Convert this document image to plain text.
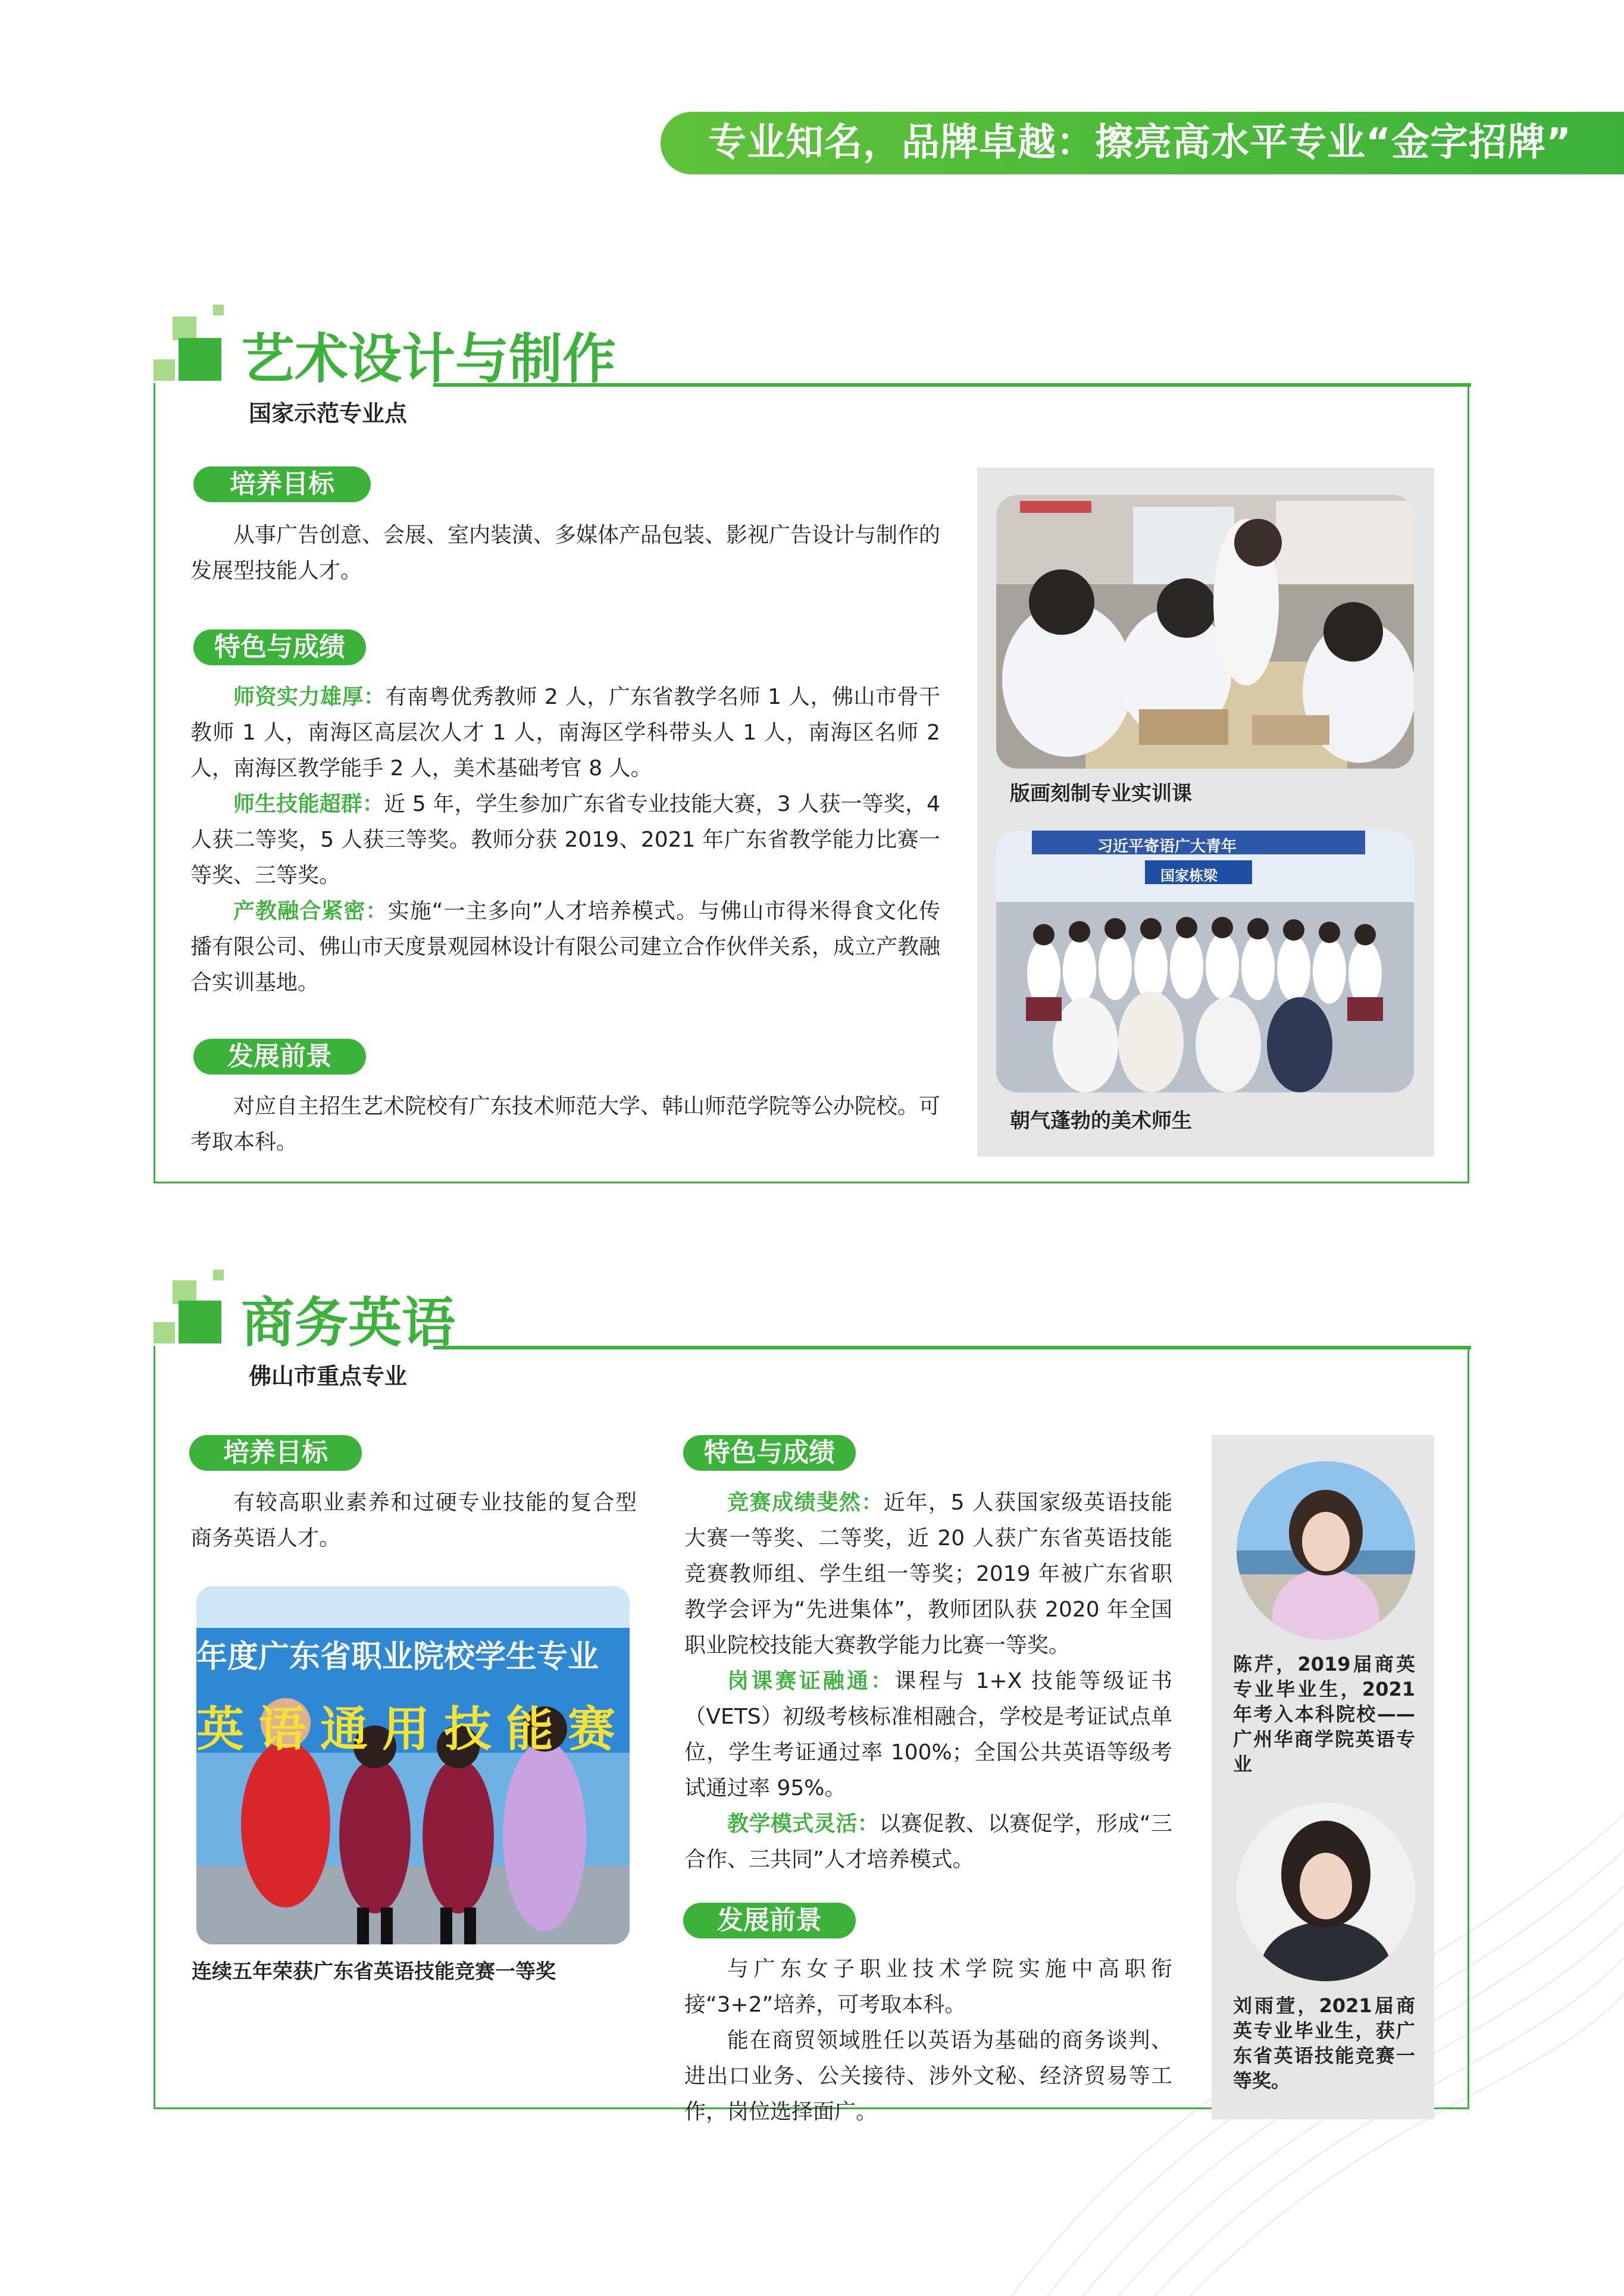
专业知名，品牌卓越：擦亮高水平专业“金字招牌”
艺术设计与制作
国家示范专业点
培养目标

从事广告创意、会展、室内装潢、多媒体产品包装、影视广告设计与制作的发展型技能人才。

特色与成绩

师资实力雄厚：有南粤优秀教师 2 人，广东省教学名师 1 人，佛山市骨干教师 1 人，南海区高层次人才 1 人，南海区学科带头人 1 人，南海区名师 2 人，南海区教学能手 2 人，美术基础考官 8 人。

师生技能超群：近 5 年，学生参加广东省专业技能大赛，3 人获一等奖，4 人获二等奖，5 人获三等奖。教师分获 2019、2021 年广东省教学能力比赛一等奖、三等奖。

产教融合紧密：实施“一主多向”人才培养模式。与佛山市得米得食文化传播有限公司、佛山市天度景观园林设计有限公司建立合作伙伴关系，成立产教融合实训基地。

发展前景

对应自主招生艺术院校有广东技术师范大学、韩山师范学院等公办院校。可考取本科。

版画刻制专业实训课
习近平寄语广大青年
国家栋梁
朝气蓬勃的美术师生
商务英语
佛山市重点专业
培养目标

有较高职业素养和过硬专业技能的复合型商务英语人才。

年度广东省职业院校学生专业
英语通用技能赛
连续五年荣获广东省英语技能竞赛一等奖
特色与成绩

竞赛成绩斐然：近年，5 人获国家级英语技能大赛一等奖、二等奖，近 20 人获广东省英语技能竞赛教师组、学生组一等奖；2019 年被广东省职教学会评为“先进集体”，教师团队获 2020 年全国职业院校技能大赛教学能力比赛一等奖。

岗课赛证融通：课程与 1+X 技能等级证书（VETS）初级考核标准相融合，学校是考证试点单位，学生考证通过率 100%；全国公共英语等级考试通过率 95%。

教学模式灵活：以赛促教、以赛促学，形成“三合作、三共同”人才培养模式。

发展前景

与广东女子职业技术学院实施中高职衔接“3+2”培养，可考取本科。

能在商贸领域胜任以英语为基础的商务谈判、进出口业务、公关接待、涉外文秘、经济贸易等工作，岗位选择面广。

陈芹，2019届商英专业毕业生，2021年考入本科院校——广州华商学院英语专业
刘雨萱，2021届商英专业毕业生，获广东省英语技能竞赛一等奖。
